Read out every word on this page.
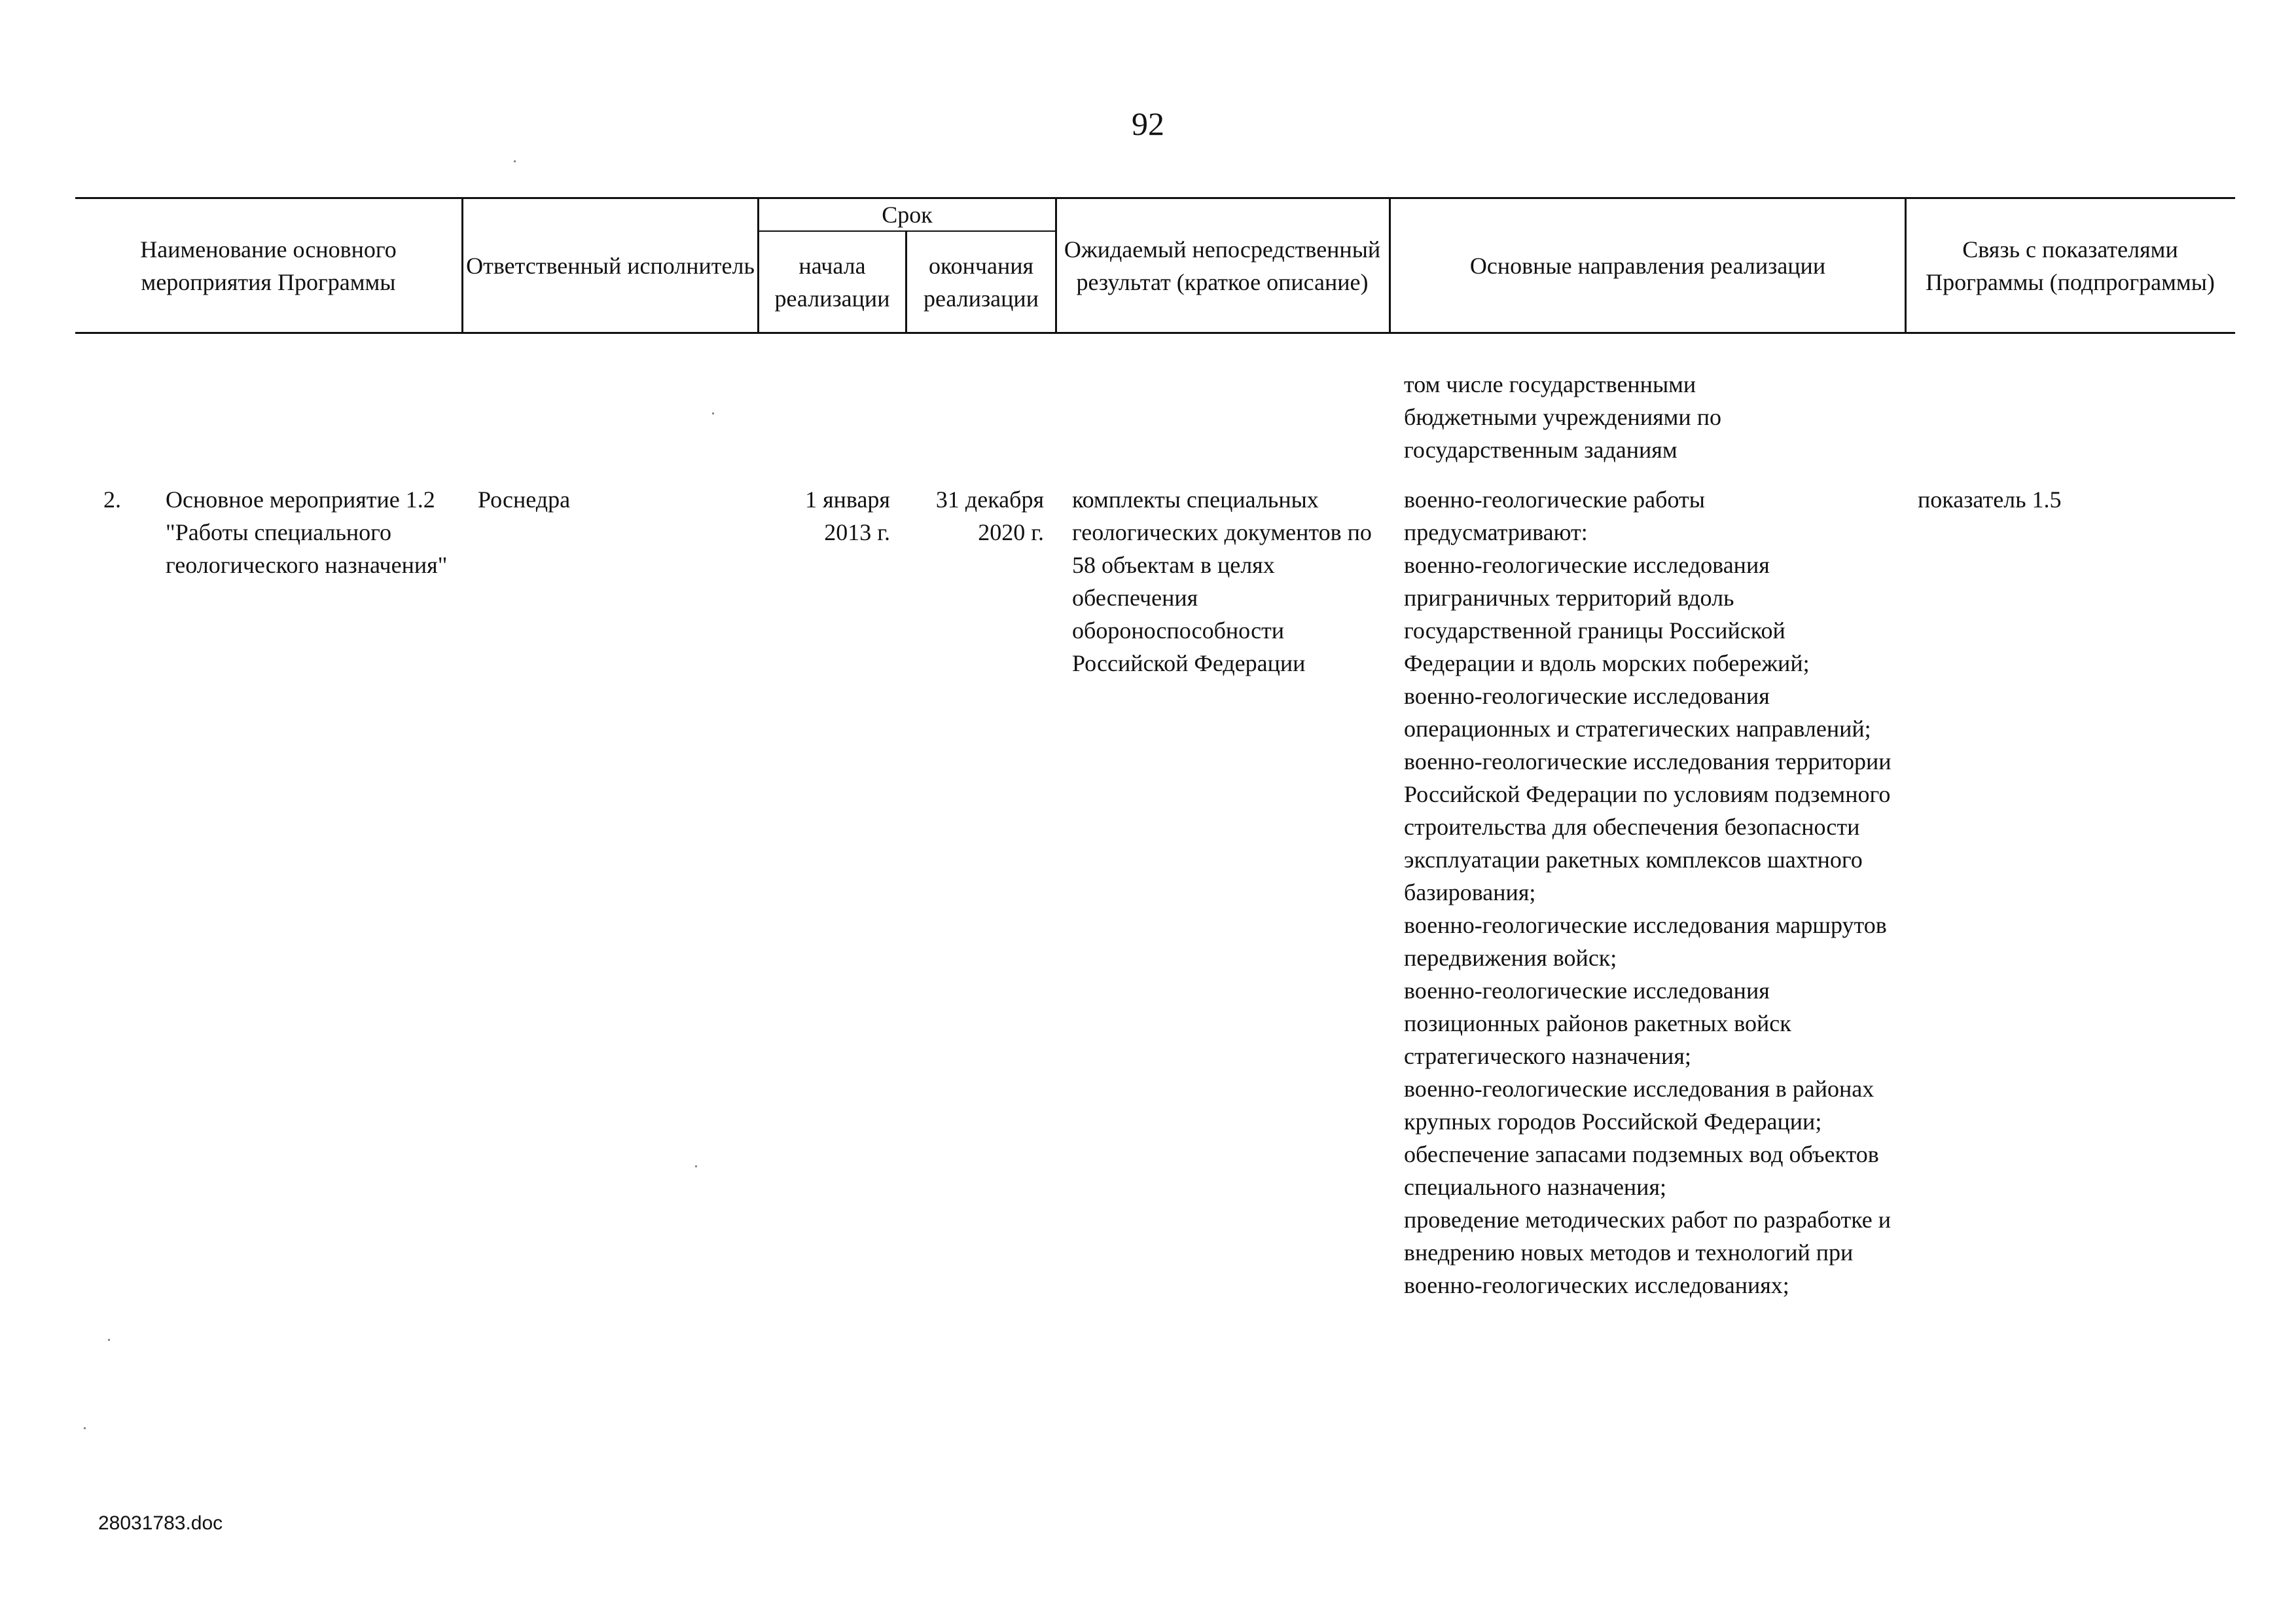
92
Наименование основного мероприятия Программы
Ответственный исполнитель
Срок
начала реализации
окончания реализации
Ожидаемый непосредственный результат (краткое описание)
Основные направления реализации
Связь с показателями Программы (подпрограммы)
том числе государственными бюджетными учреждениями по государственным заданиям
2. Основное мероприятие 1.2 "Работы специального геологического назначения"
Роснедра	1 января 2013 г.
31 декабря 2020 г.
комплекты специальных геологических документов по 58 объектам в целях обеспечения обороноспособности Российской Федерации
военно-геологические работы предусматривают:
военно-геологические исследования приграничных территорий вдоль государственной границы Российской Федерации и вдоль морских побережий;
военно-геологические исследования операционных и стратегических направлений;
военно-геологические исследования территории Российской Федерации по условиям подземного строительства для обеспечения безопасности эксплуатации ракетных комплексов шахтного базирования;
военно-геологические исследования маршрутов передвижения войск;
военно-геологические исследования позиционных районов ракетных войск стратегического назначения;
военно-геологические исследования в районах крупных городов Российской Федерации;
обеспечение запасами подземных вод объектов специального назначения;
проведение методических работ по разработке и внедрению новых методов и технологий при военно-геологических исследованиях;
показатель 1.5
28031783.doc
